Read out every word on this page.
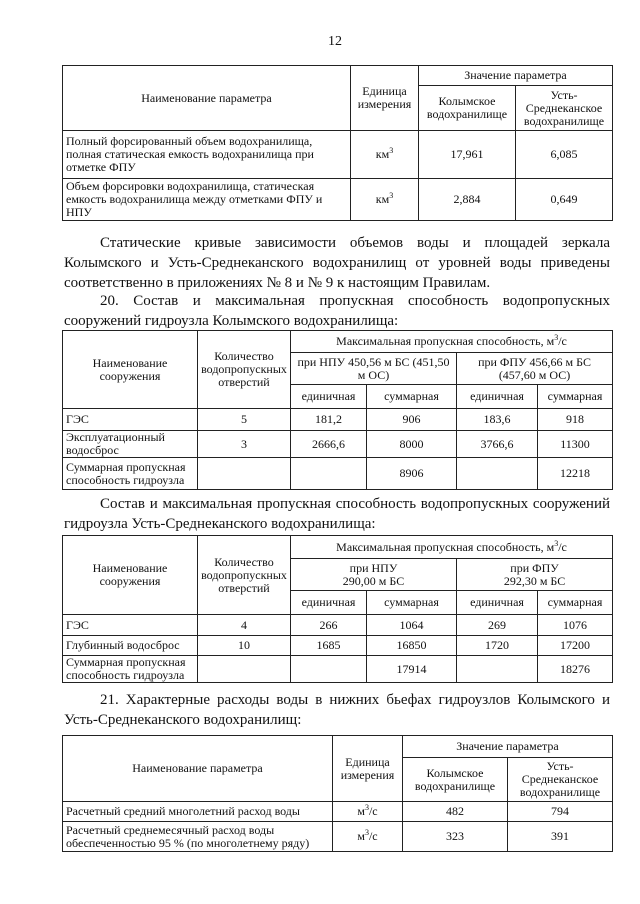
12
Наименование параметра	Единица измерения	Значение параметра	
		Колымское водохранилище	Усть-Среднеканское водохранилище
Полный форсированный объем водохранилища, полная статическая емкость водохранилища при отметке ФПУ	$км^3$	17,961	6,085
Объем форсировки водохранилища, статическая емкость водохранилища между отметками ФПУ и НПУ	$км^3$	2,884	0,649
Статические кривые зависимости объемов воды и площадей зеркала Колымского и Усть-Среднеканского водохранилищ от уровней воды приведены соответственно в приложениях № 8 и № 9 к настоящим Правилам.
20. Состав и максимальная пропускная способность водопропускных сооружений гидроузла Колымского водохранилища:
Наименование сооружения	Количество водопропускных отверстий	Максимальная пропускная способность, $м^3/с$			
		при НПУ 450,56 м БС (451,50 м ОС)		при ФПУ 456,66 м БС (457,60 м ОС)	
		единичная	суммарная	единичная	суммарная
ГЭС	5	181,2	906	183,6	918
Эксплуатационный водосброс	3	2666,6	8000	3766,6	11300
Суммарная пропускная способность гидроузла			8906		12218
Состав и максимальная пропускная способность водопропускных сооружений гидроузла Усть-Среднеканского водохранилища:
Наименование сооружения	Количество водопропускных отверстий	Максимальная пропускная способность, $м^3/с$			
		при НПУ 290,00 м БС		при ФПУ 292,30 м БС	
		единичная	суммарная	единичная	суммарная
ГЭС	4	266	1064	269	1076
Глубинный водосброс	10	1685	16850	1720	17200
Суммарная пропускная способность гидроузла			17914		18276
21. Характерные расходы воды в нижних бьефах гидроузлов Колымского и Усть-Среднеканского водохранилищ:
Наименование параметра	Единица измерения	Значение параметра	
		Колымское водохранилище	Усть-Среднеканское водохранилище
Расчетный средний многолетний расход воды	$м^3/с$	482	794
Расчетный среднемесячный расход воды обеспеченностью 95 % (по многолетнему ряду)	$м^3/с$	323	391
